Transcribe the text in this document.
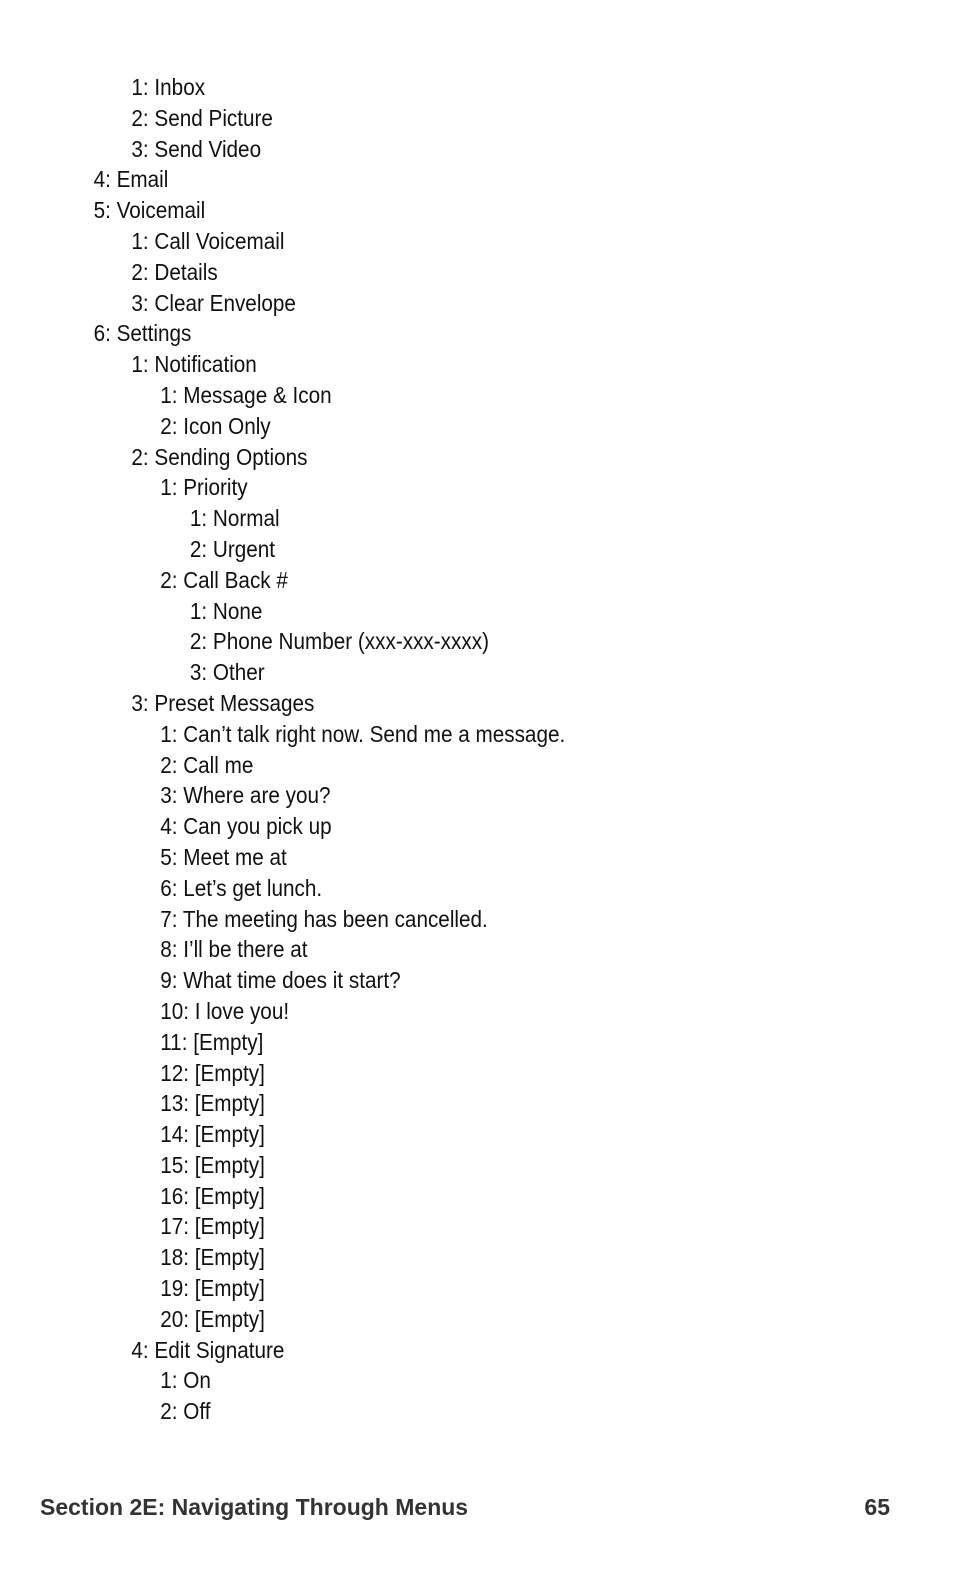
1: Inbox
2: Send Picture
3: Send Video
4: Email
5: Voicemail
1: Call Voicemail
2: Details
3: Clear Envelope
6: Settings
1: Notification
1: Message & Icon
2: Icon Only
2: Sending Options
1: Priority
1: Normal
2: Urgent
2: Call Back #
1: None
2: Phone Number (xxx-xxx-xxxx)
3: Other
3: Preset Messages
1: Can’t talk right now. Send me a message.
2: Call me
3: Where are you?
4: Can you pick up
5: Meet me at
6: Let’s get lunch.
7: The meeting has been cancelled.
8: I’ll be there at
9: What time does it start?
10: I love you!
11: [Empty]
12: [Empty]
13: [Empty]
14: [Empty]
15: [Empty]
16: [Empty]
17: [Empty]
18: [Empty]
19: [Empty]
20: [Empty]
4: Edit Signature
1: On
2: Off
Section 2E: Navigating Through Menus	65
